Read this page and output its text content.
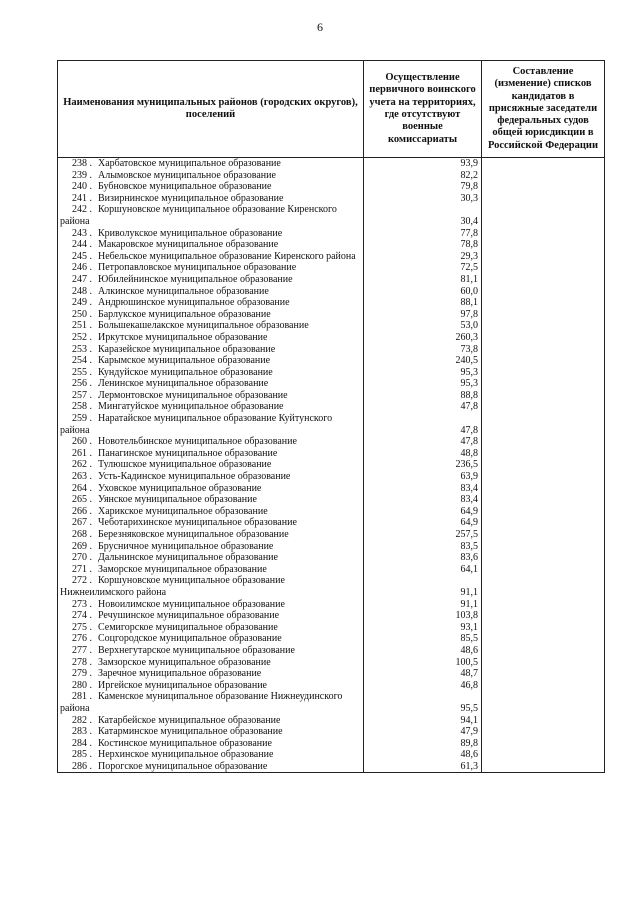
6
Наименования муниципальных районов (городских округов), поселений	Осуществление первичного воинского учета на территориях, где отсутствуют военные комиссариаты	Составление (изменение) списков кандидатов в присяжные заседатели федеральных судов общей юрисдикции в Российской Федерации
238 . Харбатовское муниципальное образование	93,9	
239 . Алымовское муниципальное образование	82,2	
240 . Бубновское муниципальное образование	79,8	
241 . Визирнинское муниципальное образование	30,3	
242 . Коршуновское муниципальное образование Киренского района	30,4	
243 . Криволукское муниципальное образование	77,8	
244 . Макаровское муниципальное образование	78,8	
245 . Небельское муниципальное образование Киренского района	29,3	
246 . Петропавловское муниципальное образование	72,5	
247 . Юбилейнинское муниципальное образование	81,1	
248 . Алкинское муниципальное образование	60,0	
249 . Андрюшинское муниципальное образование	88,1	
250 . Барлукское муниципальное образование	97,8	
251 . Большекашелакское муниципальное образование	53,0	
252 . Иркутское муниципальное образование	260,3	
253 . Каразейское муниципальное образование	73,8	
254 . Карымское муниципальное образование	240,5	
255 . Кундуйское муниципальное образование	95,3	
256 . Ленинское муниципальное образование	95,3	
257 . Лермонтовское муниципальное образование	88,8	
258 . Мингатуйское муниципальное образование	47,8	
259 . Наратайское муниципальное образование Куйтунского района	47,8	
260 . Новотельбинское муниципальное образование	47,8	
261 . Панагинское муниципальное образование	48,8	
262 . Тулюшское муниципальное образование	236,5	
263 . Усть-Кадинское муниципальное образование	63,9	
264 . Уховское муниципальное образование	83,4	
265 . Уянское муниципальное образование	83,4	
266 . Харикское муниципальное образование	64,9	
267 . Чеботарихинское муниципальное образование	64,9	
268 . Березняковское муниципальное образование	257,5	
269 . Брусничное муниципальное образование	83,5	
270 . Дальнинское муниципальное образование	83,6	
271 . Заморское муниципальное образование	64,1	
272 . Коршуновское муниципальное образование Нижнеилимского района	91,1	
273 . Новоилимское муниципальное образование	91,1	
274 . Речушинское муниципальное образование	103,8	
275 . Семигорское муниципальное образование	93,1	
276 . Соцгородское муниципальное образование	85,5	
277 . Верхнегутарское муниципальное образование	48,6	
278 . Замзорское муниципальное образование	100,5	
279 . Заречное муниципальное образование	48,7	
280 . Иргейское муниципальное образование	46,8	
281 . Каменское муниципальное образование Нижнеудинского района	95,5	
282 . Катарбейское муниципальное образование	94,1	
283 . Катарминское муниципальное образование	47,9	
284 . Костинское муниципальное образование	89,8	
285 . Нерхинское муниципальное образование	48,6	
286 . Порогское муниципальное образование	61,3	
